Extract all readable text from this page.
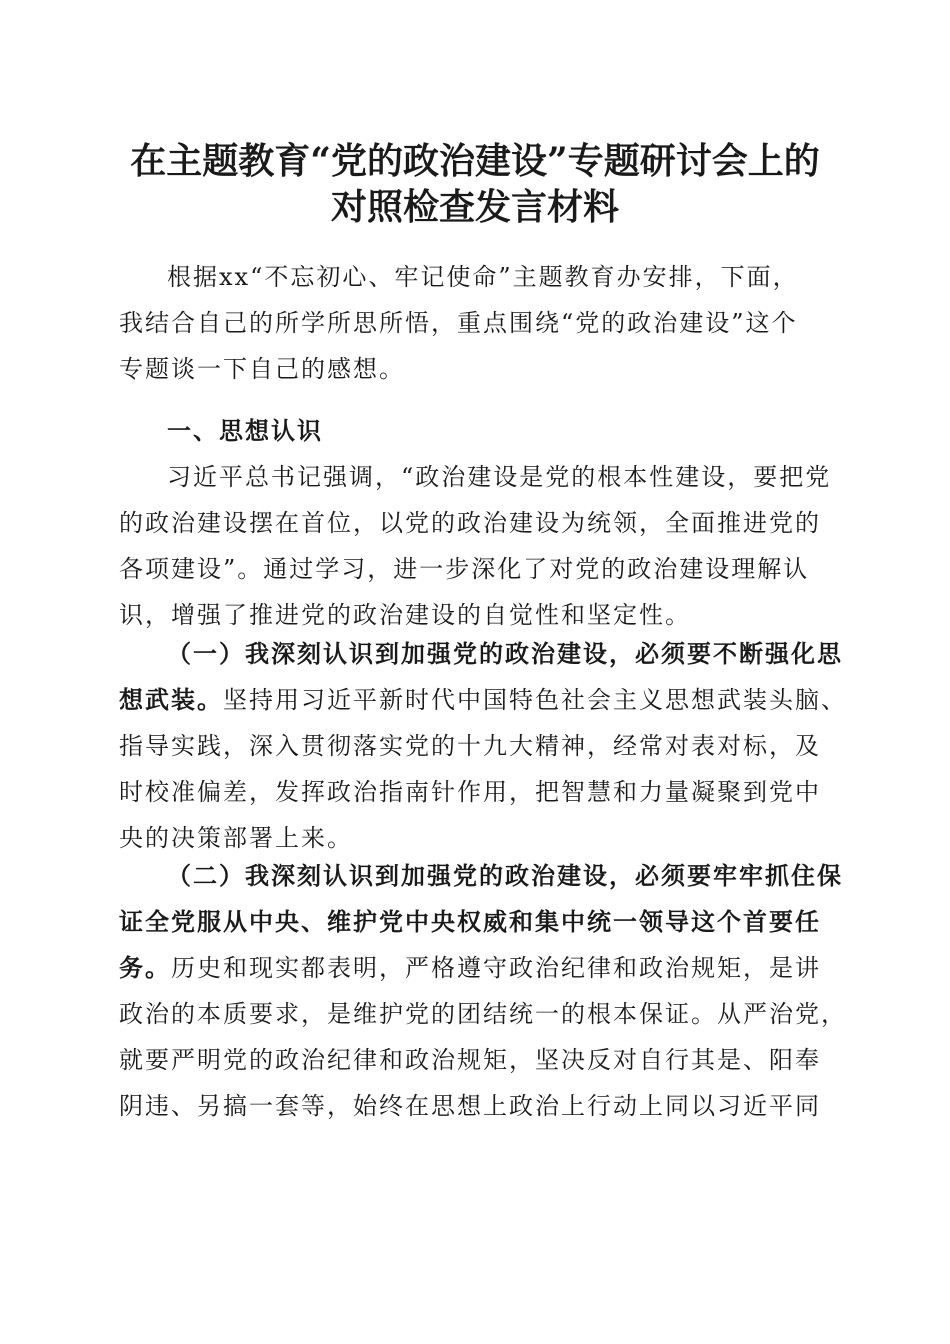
在主题教育“党的政治建设”专题研讨会上的
对照检查发言材料
根据xx“不忘初心、牢记使命”主题教育办安排，下面，
我结合自己的所学所思所悟，重点围绕“党的政治建设”这个
专题谈一下自己的感想。
一、思想认识
习近平总书记强调，“政治建设是党的根本性建设，要把党
的政治建设摆在首位，以党的政治建设为统领，全面推进党的
各项建设”。通过学习，进一步深化了对党的政治建设理解认
识，增强了推进党的政治建设的自觉性和坚定性。
（一）我深刻认识到加强党的政治建设，必须要不断强化思
想武装。坚持用习近平新时代中国特色社会主义思想武装头脑、
指导实践，深入贯彻落实党的十九大精神，经常对表对标，及
时校准偏差，发挥政治指南针作用，把智慧和力量凝聚到党中
央的决策部署上来。
（二）我深刻认识到加强党的政治建设，必须要牢牢抓住保
证全党服从中央、维护党中央权威和集中统一领导这个首要任
务。历史和现实都表明，严格遵守政治纪律和政治规矩，是讲
政治的本质要求，是维护党的团结统一的根本保证。从严治党，
就要严明党的政治纪律和政治规矩，坚决反对自行其是、阳奉
阴违、另搞一套等，始终在思想上政治上行动上同以习近平同
